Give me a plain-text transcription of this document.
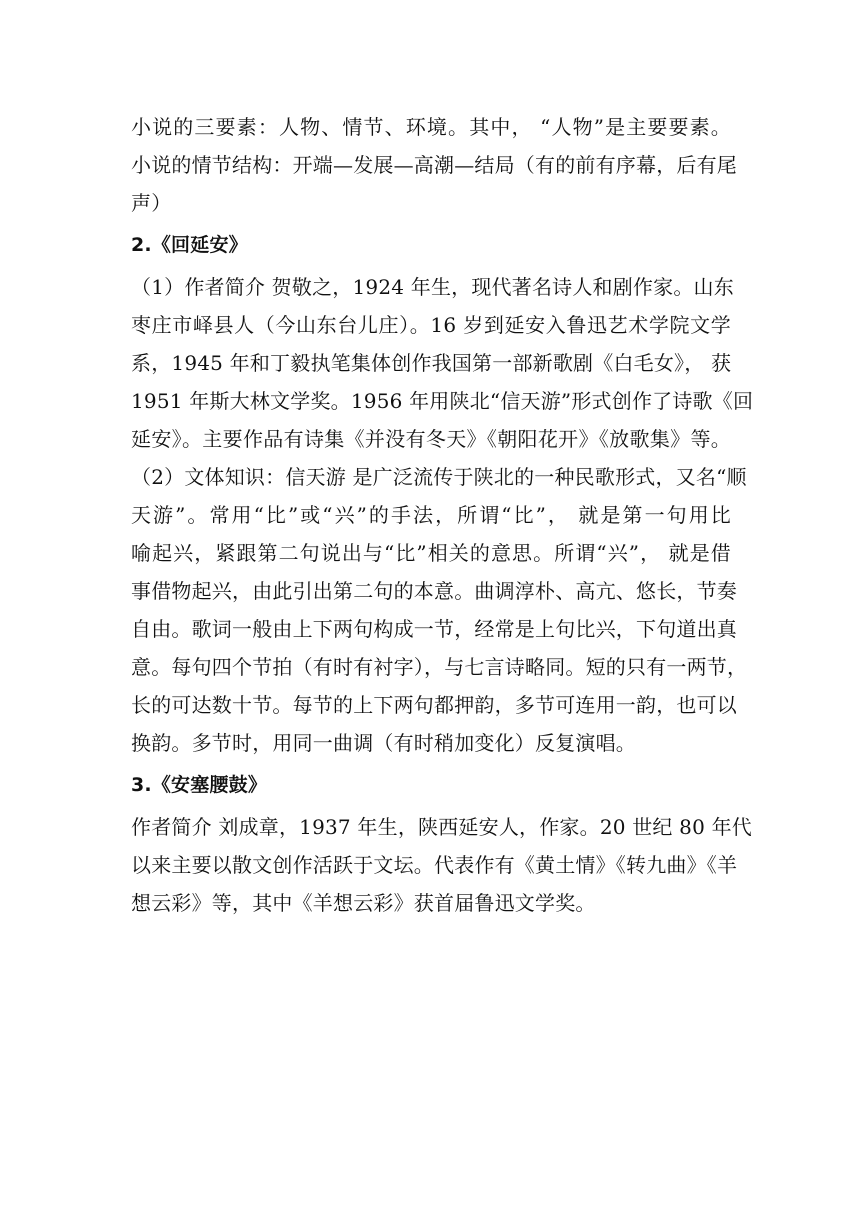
小说的三要素：人物、情节、环境。其中， “人物”是主要要素。
小说的情节结构：开端—发展—高潮—结局（有的前有序幕，后有尾
声）
2.《回延安》
（1）作者简介 贺敬之，1924 年生，现代著名诗人和剧作家。山东
枣庄市峄县人（今山东台儿庄）。16 岁到延安入鲁迅艺术学院文学
系，1945 年和丁毅执笔集体创作我国第一部新歌剧《白毛女》， 获
1951 年斯大林文学奖。1956 年用陕北“信天游”形式创作了诗歌《回
延安》。主要作品有诗集《并没有冬天》《朝阳花开》《放歌集》等。
（2）文体知识：信天游 是广泛流传于陕北的一种民歌形式，又名“顺
天游”。常用“比”或“兴”的手法，所谓“比”， 就是第一句用比
喻起兴，紧跟第二句说出与“比”相关的意思。所谓“兴”， 就是借
事借物起兴，由此引出第二句的本意。曲调淳朴、高亢、悠长，节奏
自由。歌词一般由上下两句构成一节，经常是上句比兴，下句道出真
意。每句四个节拍（有时有衬字），与七言诗略同。短的只有一两节，
长的可达数十节。每节的上下两句都押韵，多节可连用一韵，也可以
换韵。多节时，用同一曲调（有时稍加变化）反复演唱。
3.《安塞腰鼓》
作者简介 刘成章，1937 年生，陕西延安人，作家。20 世纪 80 年代
以来主要以散文创作活跃于文坛。代表作有《黄土情》《转九曲》《羊
想云彩》等，其中《羊想云彩》获首届鲁迅文学奖。
